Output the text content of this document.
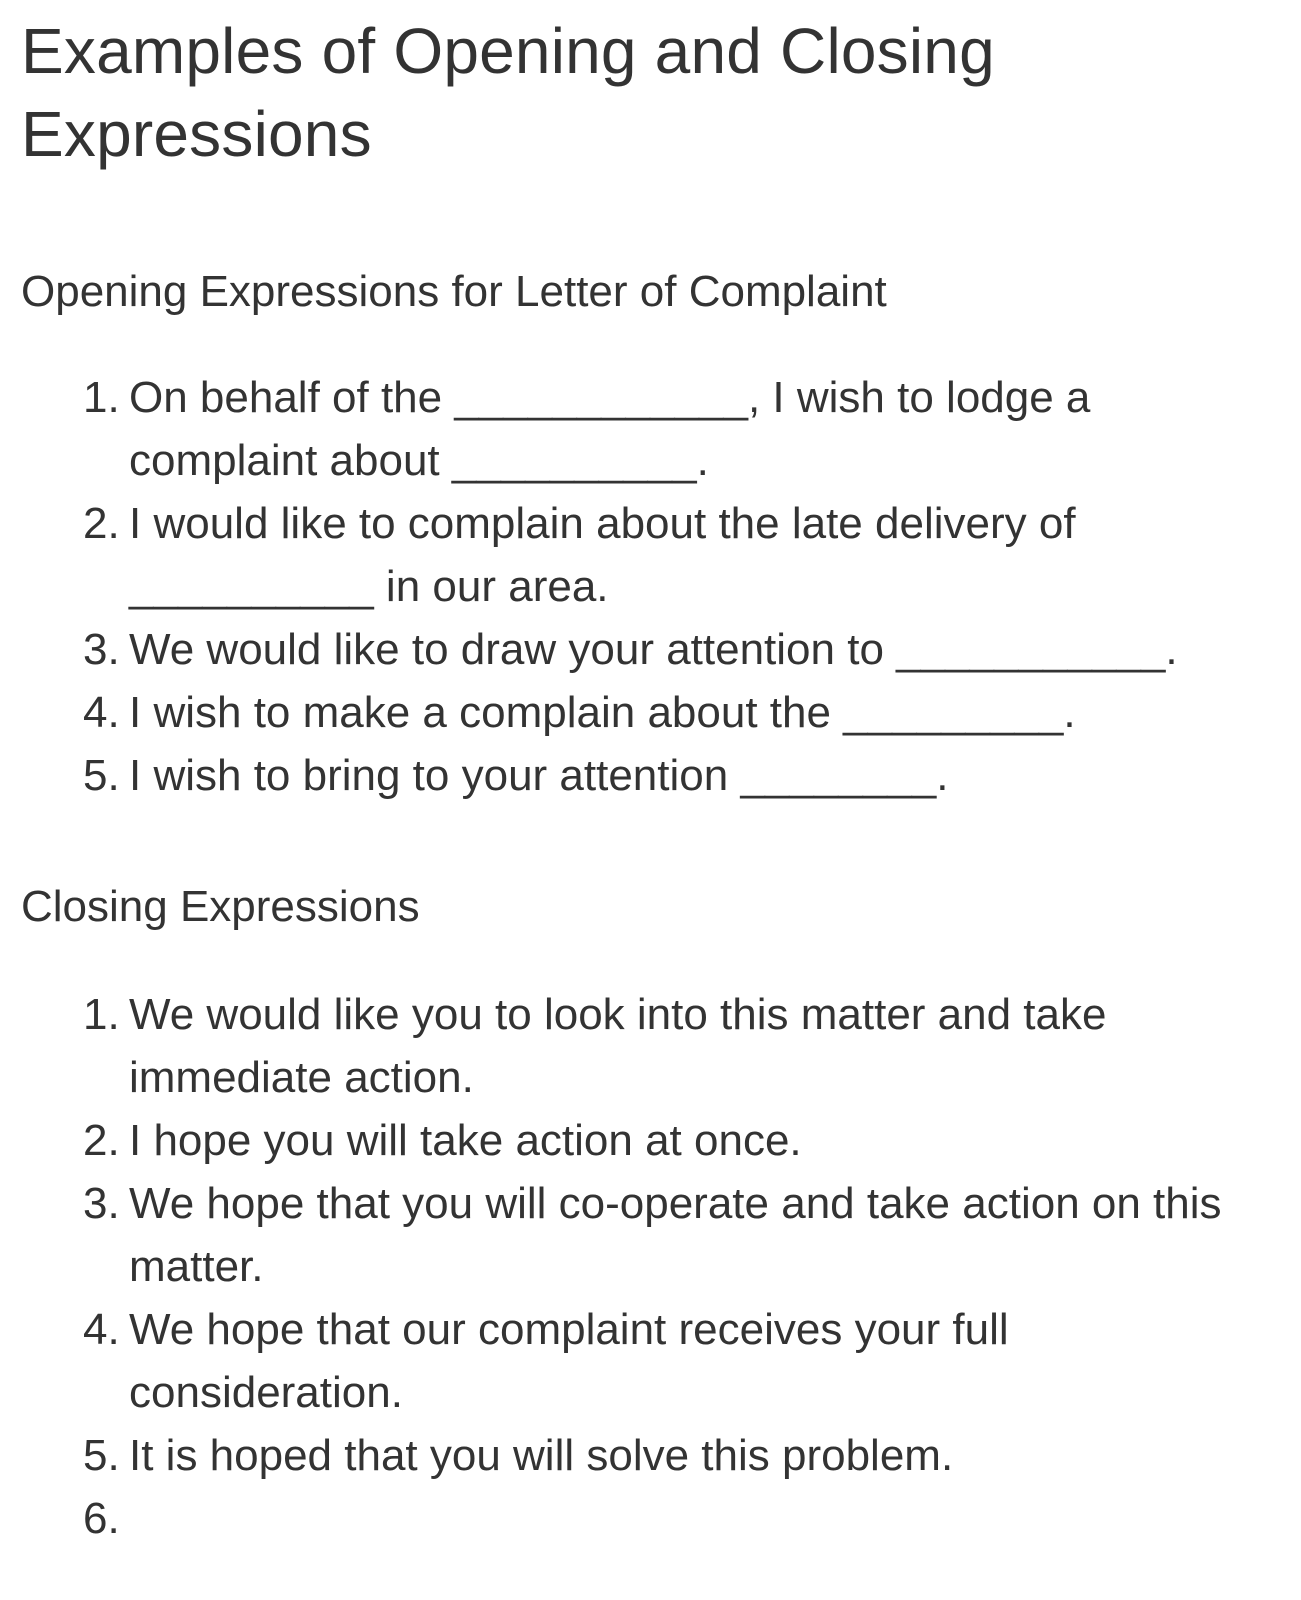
Examples of Opening and Closing Expressions
Opening Expressions for Letter of Complaint
1. On behalf of the ____________, I wish to lodge a complaint about __________.
2. I would like to complain about the late delivery of __________ in our area.
3. We would like to draw your attention to ___________.
4. I wish to make a complain about the _________.
5. I wish to bring to your attention ________.
Closing Expressions
1. We would like you to look into this matter and take immediate action.
2. I hope you will take action at once.
3. We hope that you will co-operate and take action on this matter.
4. We hope that our complaint receives your full consideration.
5. It is hoped that you will solve this problem.
6.
